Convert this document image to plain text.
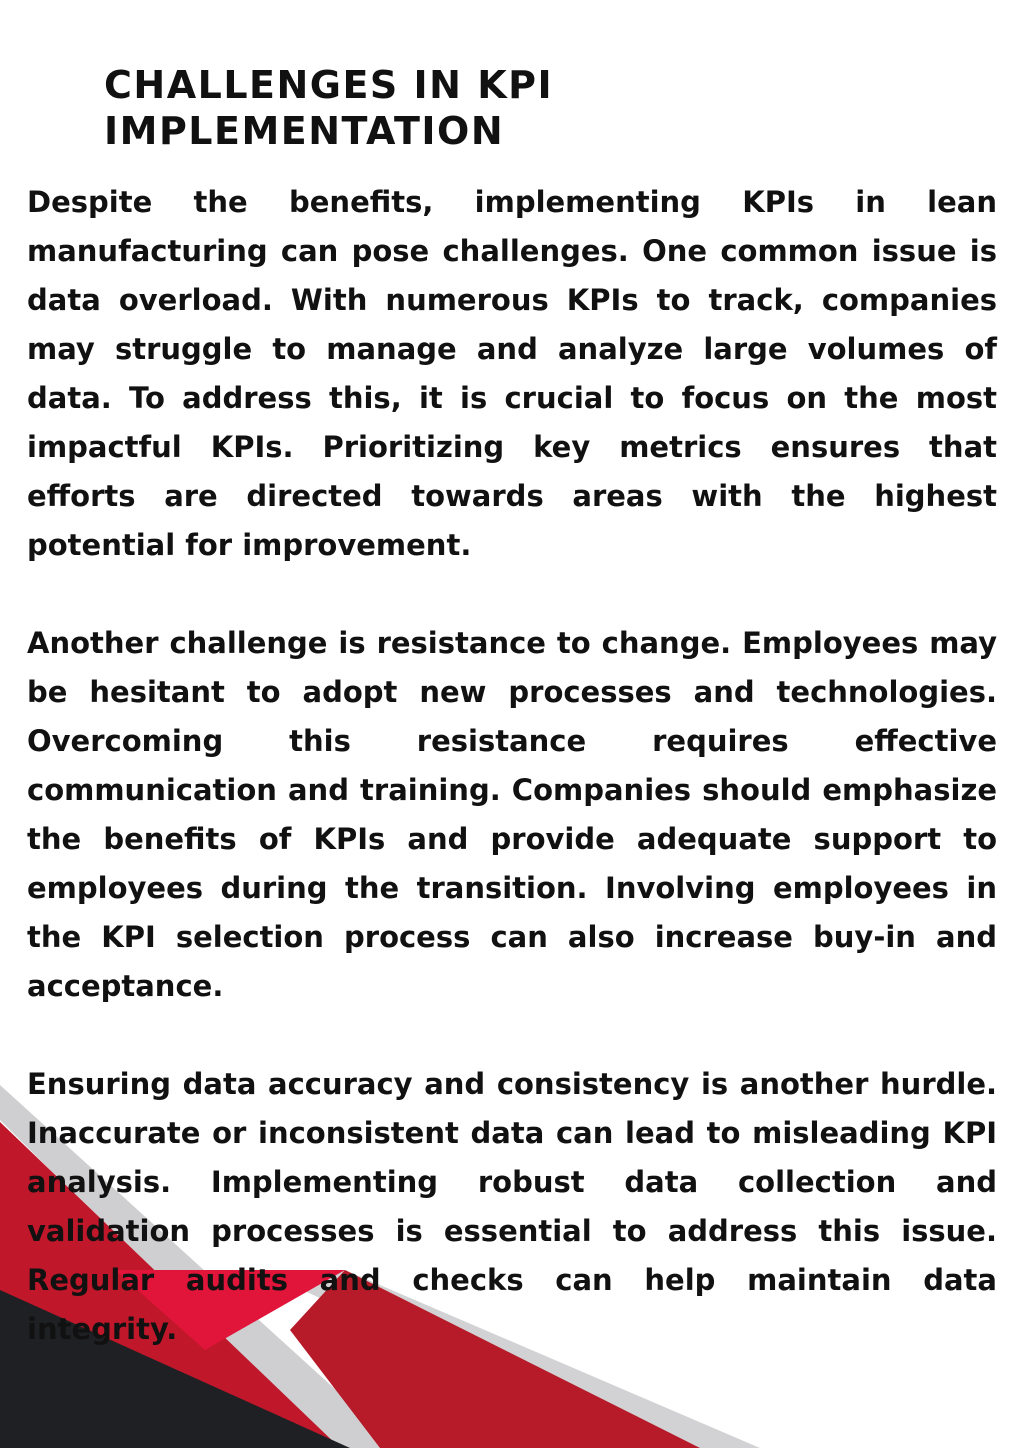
CHALLENGES IN KPI
IMPLEMENTATION

Despite the benefits, implementing KPIs in lean manufacturing can pose challenges. One common issue is data overload. With numerous KPIs to track, companies may struggle to manage and analyze large volumes of data. To address this, it is crucial to focus on the most impactful KPIs. Prioritizing key metrics ensures that efforts are directed towards areas with the highest potential for improvement.

Another challenge is resistance to change. Employees may be hesitant to adopt new processes and technologies. Overcoming this resistance requires effective communication and training. Companies should emphasize the benefits of KPIs and provide adequate support to employees during the transition. Involving employees in the KPI selection process can also increase buy-in and acceptance.

Ensuring data accuracy and consistency is another hurdle. Inaccurate or inconsistent data can lead to misleading KPI analysis. Implementing robust data collection and validation processes is essential to address this issue. Regular audits and checks can help maintain data integrity.
